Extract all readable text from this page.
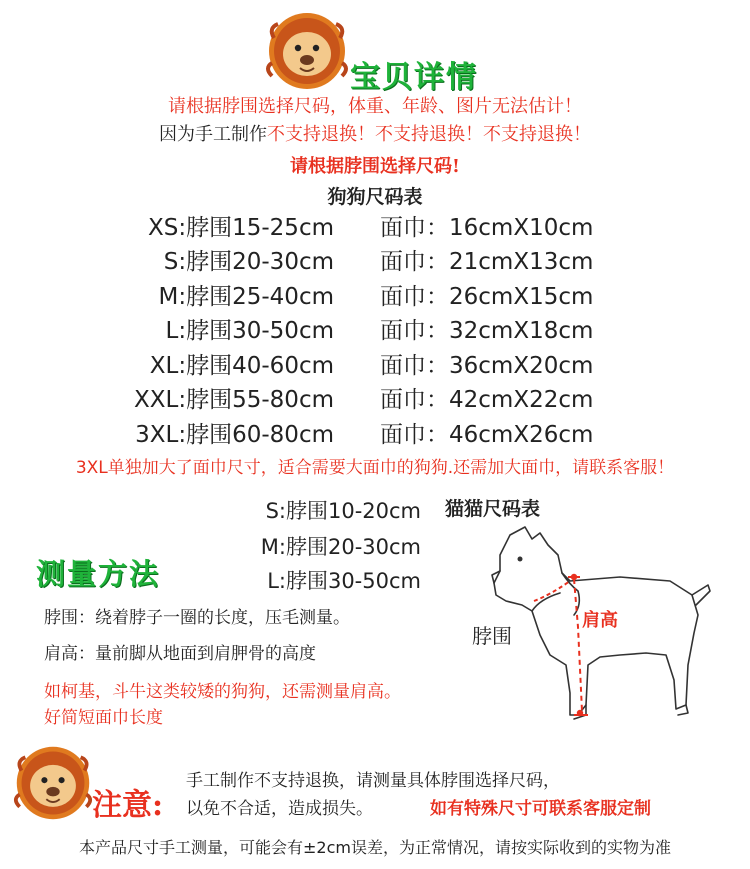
宝贝详情
请根据脖围选择尺码，体重、年龄、图片无法估计！
因为手工制作不支持退换！不支持退换！不支持退换！
请根据脖围选择尺码!
狗狗尺码表
XS:脖围15-25cm 面巾：16cmX10cm
S:脖围20-30cm 面巾：21cmX13cm
M:脖围25-40cm 面巾：26cmX15cm
L:脖围30-50cm 面巾：32cmX18cm
XL:脖围40-60cm 面巾：36cmX20cm
XXL:脖围55-80cm 面巾：42cmX22cm
3XL:脖围60-80cm 面巾：46cmX26cm
3XL单独加大了面巾尺寸，适合需要大面巾的狗狗.还需加大面巾，请联系客服！
S:脖围10-20cm
M:脖围20-30cm
L:脖围30-50cm
猫猫尺码表
测量方法
脖围：绕着脖子一圈的长度，压毛测量。
肩高：量前脚从地面到肩胛骨的高度
如柯基，斗牛这类较矮的狗狗，还需测量肩高。
好简短面巾长度
脖围
肩高
注意:
手工制作不支持退换，请测量具体脖围选择尺码，
以免不合适，造成损失。	如有特殊尺寸可联系客服定制
本产品尺寸手工测量，可能会有±2cm误差，为正常情况，请按实际收到的实物为准
